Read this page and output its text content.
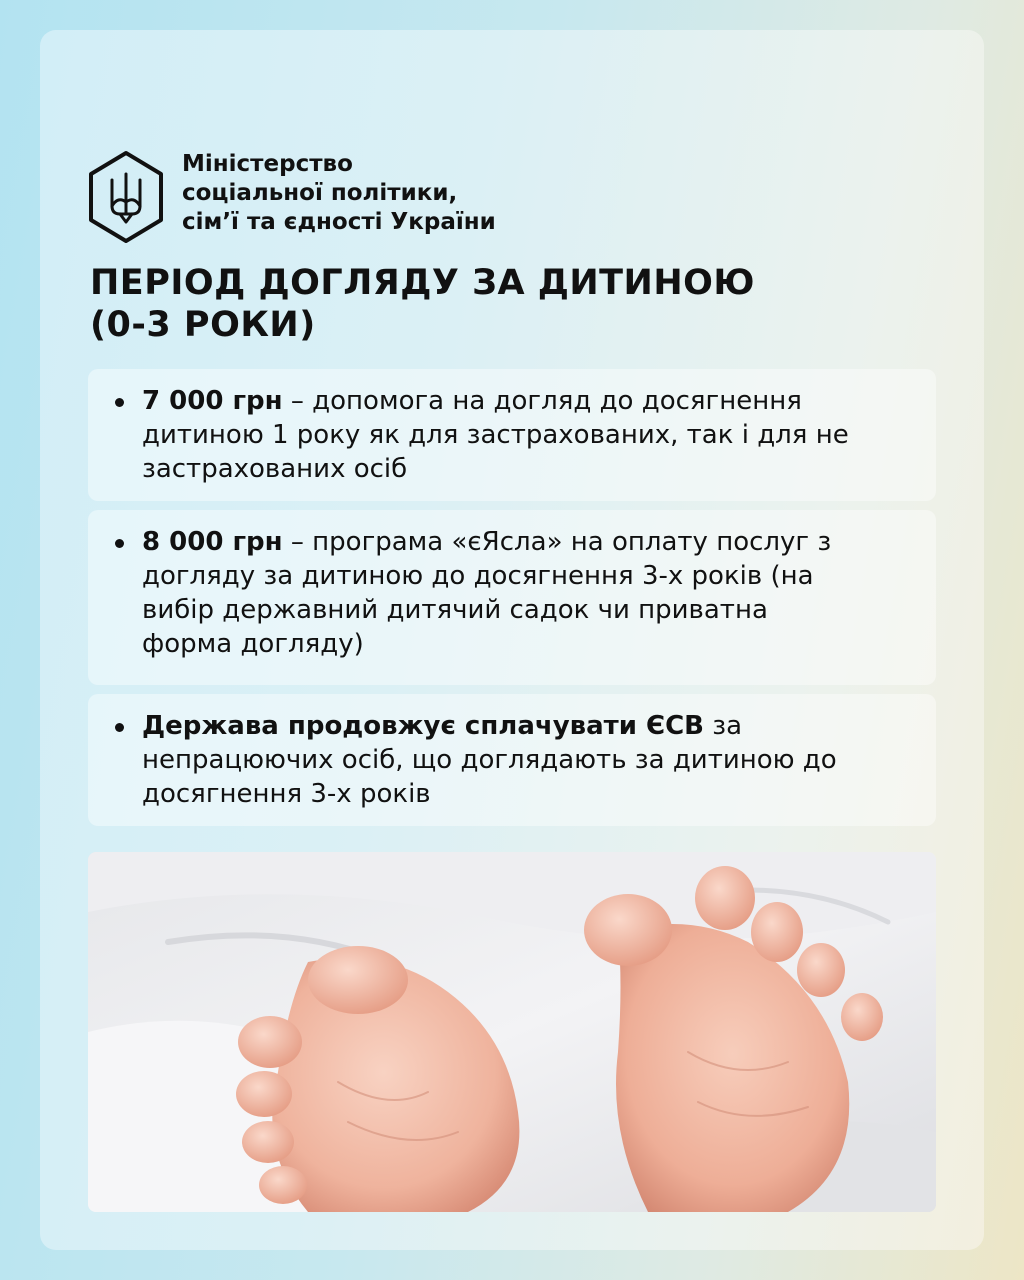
Міністерство
соціальної політики,
сім’ї та єдності України
ПЕРІОД ДОГЛЯДУ ЗА ДИТИНОЮ
(0-3 РОКИ)
7 000 грн – допомога на догляд до досягнення
дитиною 1 року як для застрахованих, так і для не
застрахованих осіб
8 000 грн – програма «єЯсла» на оплату послуг з
догляду за дитиною до досягнення 3-х років (на
вибір державний дитячий садок чи приватна
форма догляду)
Держава продовжує сплачувати ЄСВ за
непрацюючих осіб, що доглядають за дитиною до
досягнення 3-х років
